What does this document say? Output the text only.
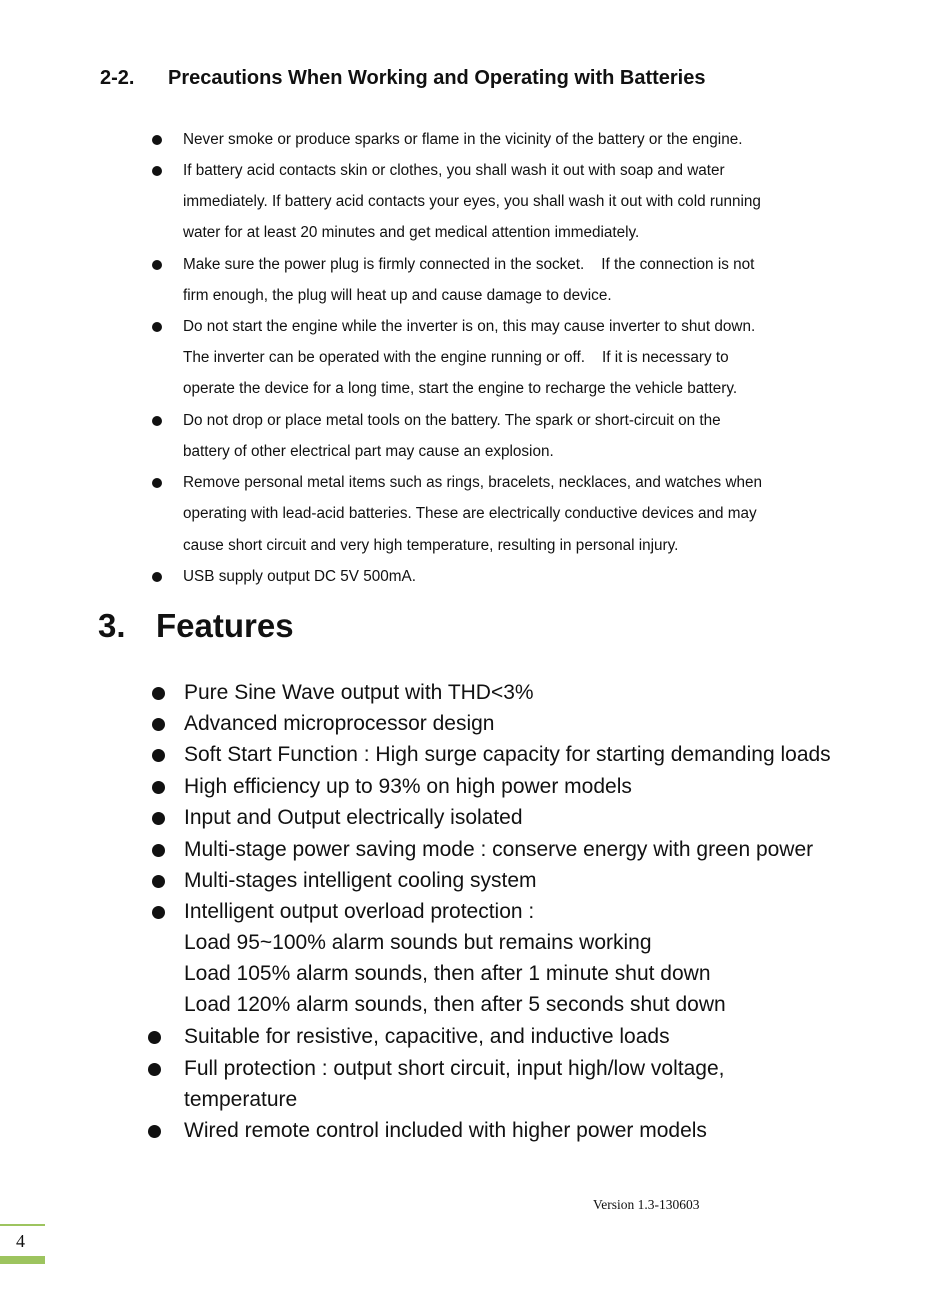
2-2.	Precautions When Working and Operating with Batteries
Never smoke or produce sparks or flame in the vicinity of the battery or the engine.
If battery acid contacts skin or clothes, you shall wash it out with soap and water
immediately. If battery acid contacts your eyes, you shall wash it out with cold running
water for at least 20 minutes and get medical attention immediately.
Make sure the power plug is firmly connected in the socket.    If the connection is not
firm enough, the plug will heat up and cause damage to device.
Do not start the engine while the inverter is on, this may cause inverter to shut down.
The inverter can be operated with the engine running or off.    If it is necessary to
operate the device for a long time, start the engine to recharge the vehicle battery.
Do not drop or place metal tools on the battery. The spark or short-circuit on the
battery of other electrical part may cause an explosion.
Remove personal metal items such as rings, bracelets, necklaces, and watches when
operating with lead-acid batteries. These are electrically conductive devices and may
cause short circuit and very high temperature, resulting in personal injury.
USB supply output DC 5V 500mA.
3. Features
Pure Sine Wave output with THD<3%
Advanced microprocessor design
Soft Start Function : High surge capacity for starting demanding loads
High efficiency up to 93% on high power models
Input and Output electrically isolated
Multi-stage power saving mode : conserve energy with green power
Multi-stages intelligent cooling system
Intelligent output overload protection :
Load 95~100% alarm sounds but remains working
Load 105% alarm sounds, then after 1 minute shut down
Load 120% alarm sounds, then after 5 seconds shut down
Suitable for resistive, capacitive, and inductive loads
Full protection : output short circuit, input high/low voltage,
temperature
Wired remote control included with higher power models
Version 1.3-130603
4
